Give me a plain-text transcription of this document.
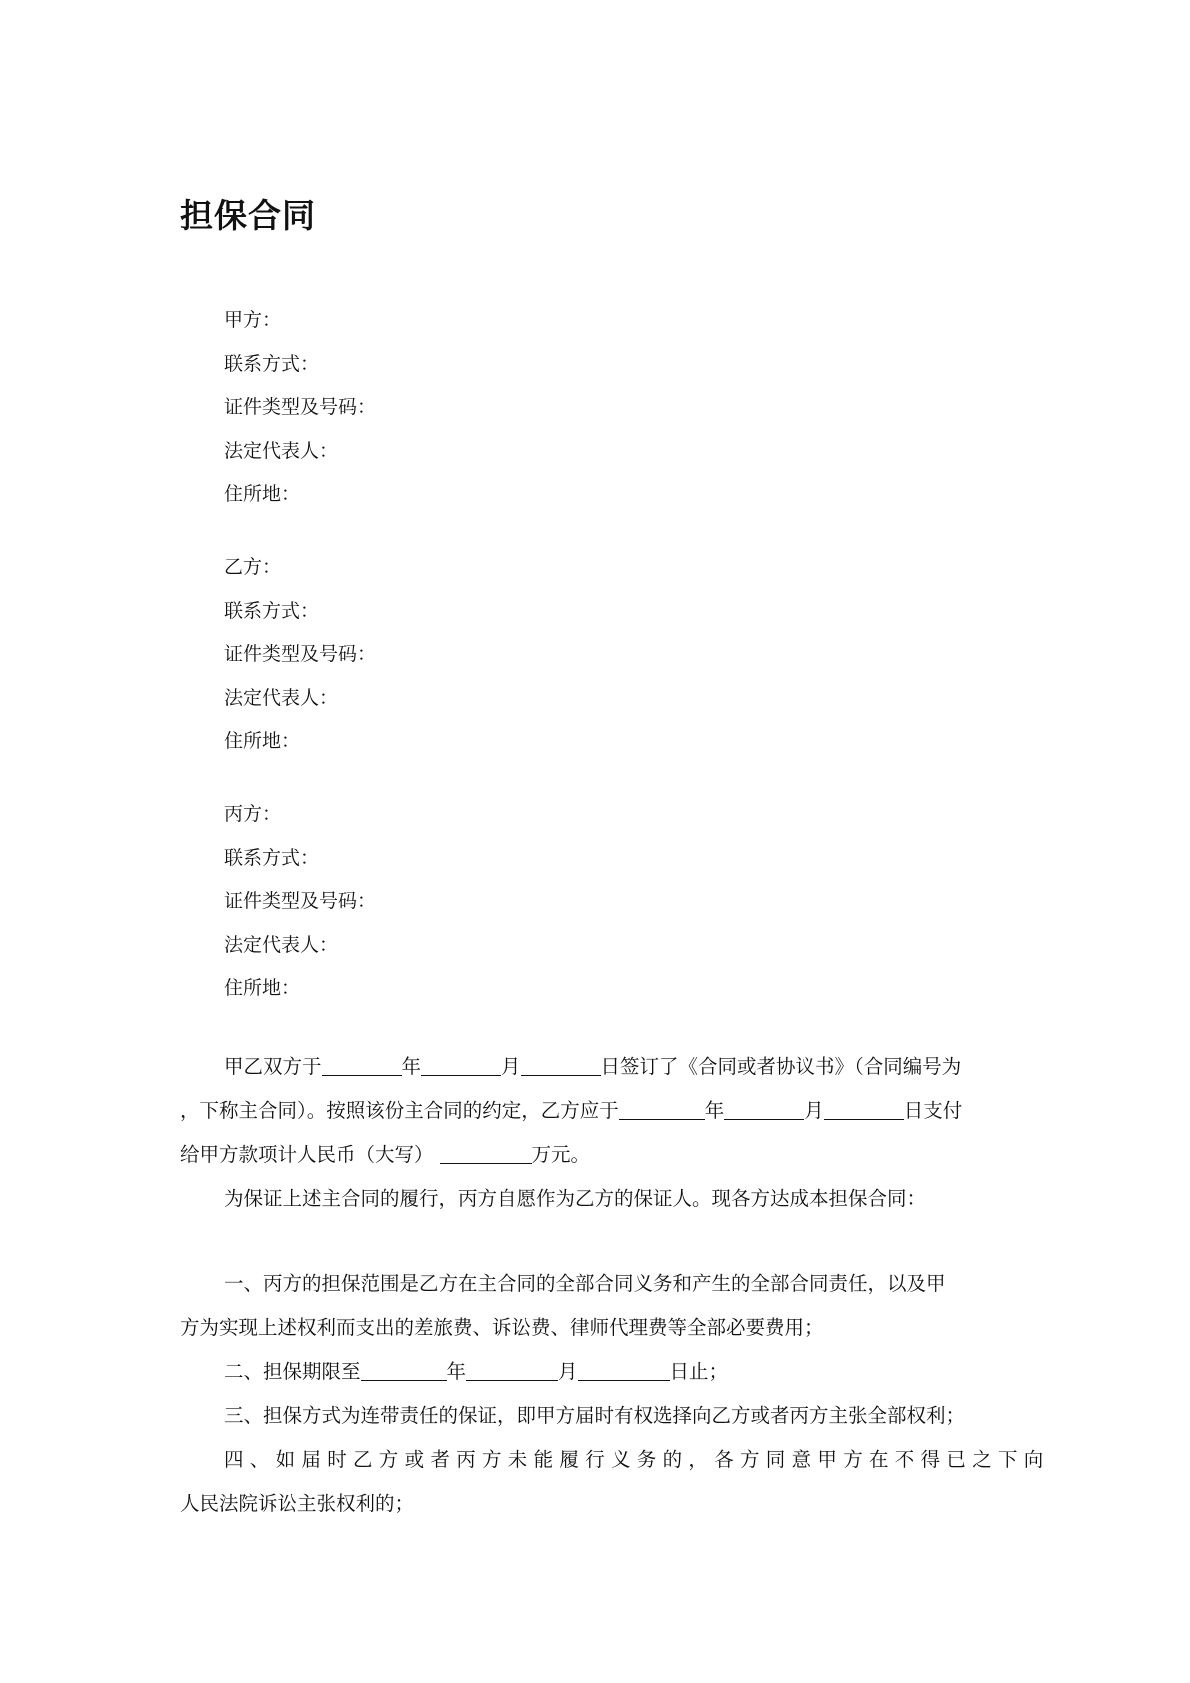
担保合同
甲方：
联系方式：
证件类型及号码：
法定代表人：
住所地：
乙方：
联系方式：
证件类型及号码：
法定代表人：
住所地：
丙方：
联系方式：
证件类型及号码：
法定代表人：
住所地：

甲乙双方于	年	月	日签订了《合同或者协议书》（合同编号为

，下称主合同）。按照该份主合同的约定，乙方应于	年	月	日支付

给甲方款项计人民币（大写）	万元。

为保证上述主合同的履行，丙方自愿作为乙方的保证人。现各方达成本担保合同：

一、丙方的担保范围是乙方在主合同的全部合同义务和产生的全部合同责任，以及甲

方为实现上述权利而支出的差旅费、诉讼费、律师代理费等全部必要费用；

二、担保期限至	年	月	日止；

三、担保方式为连带责任的保证，即甲方届时有权选择向乙方或者丙方主张全部权利；

四、如届时乙方或者丙方未能履行义务的，各方同意甲方在不得已之下向

人民法院诉讼主张权利的；
